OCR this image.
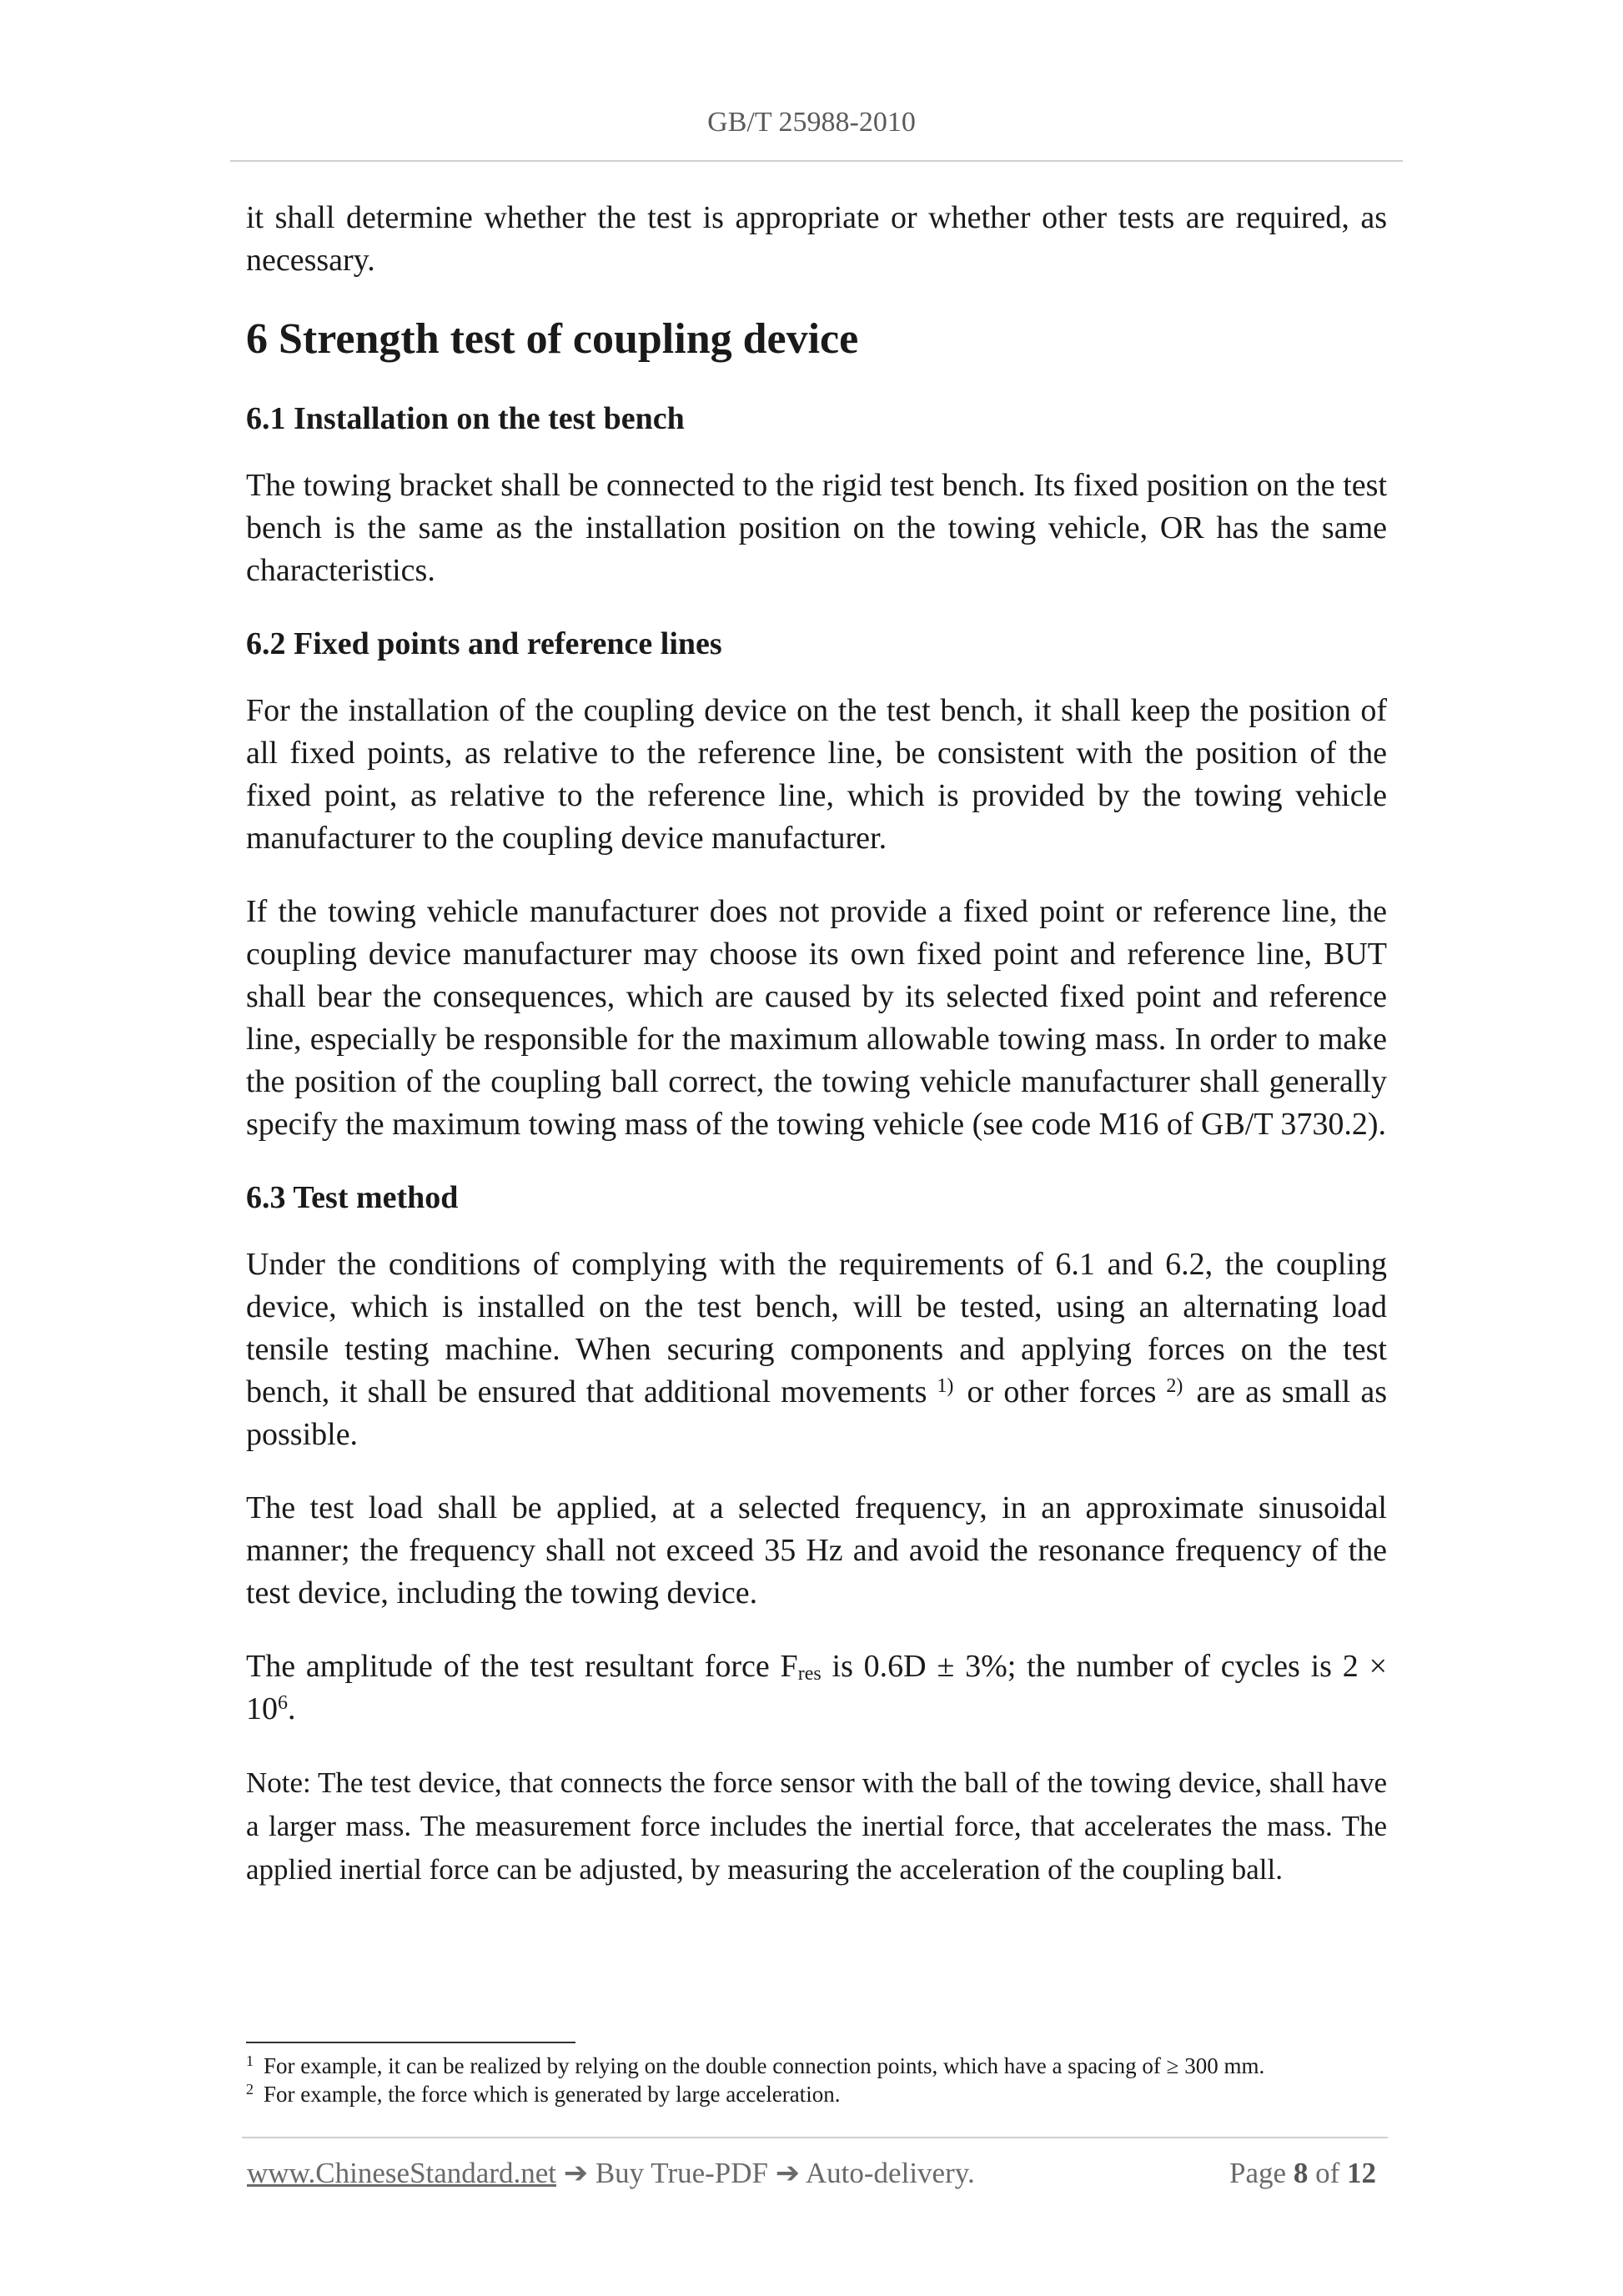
GB/T 25988-2010

it shall determine whether the test is appropriate or whether other tests are required, as necessary.

6 Strength test of coupling device
6.1 Installation on the test bench

The towing bracket shall be connected to the rigid test bench. Its fixed position on the test bench is the same as the installation position on the towing vehicle, OR has the same characteristics.

6.2 Fixed points and reference lines

For the installation of the coupling device on the test bench, it shall keep the position of all fixed points, as relative to the reference line, be consistent with the position of the fixed point, as relative to the reference line, which is provided by the towing vehicle manufacturer to the coupling device manufacturer.

If the towing vehicle manufacturer does not provide a fixed point or reference line, the coupling device manufacturer may choose its own fixed point and reference line, BUT shall bear the consequences, which are caused by its selected fixed point and reference line, especially be responsible for the maximum allowable towing mass. In order to make the position of the coupling ball correct, the towing vehicle manufacturer shall generally specify the maximum towing mass of the towing vehicle (see code M16 of GB/T 3730.2).

6.3 Test method

Under the conditions of complying with the requirements of 6.1 and 6.2, the coupling device, which is installed on the test bench, will be tested, using an alternating load tensile testing machine. When securing components and applying forces on the test bench, it shall be ensured that additional movements $^{1)}$ or other forces $^{2)}$ are as small as possible.

The test load shall be applied, at a selected frequency, in an approximate sinusoidal manner; the frequency shall not exceed 35 Hz and avoid the resonance frequency of the test device, including the towing device.

The amplitude of the test resultant force $F_{res}$ is 0.6D ± 3%; the number of cycles is $2 \times 10^6$.

Note: The test device, that connects the force sensor with the ball of the towing device, shall have a larger mass. The measurement force includes the inertial force, that accelerates the mass. The applied inertial force can be adjusted, by measuring the acceleration of the coupling ball.

$^1$ For example, it can be realized by relying on the double connection points, which have a spacing of ≥ 300 mm.
$^2$ For example, the force which is generated by large acceleration.
www.ChineseStandard.net ➔ Buy True-PDF ➔ Auto-delivery.	Page 8 of 12
